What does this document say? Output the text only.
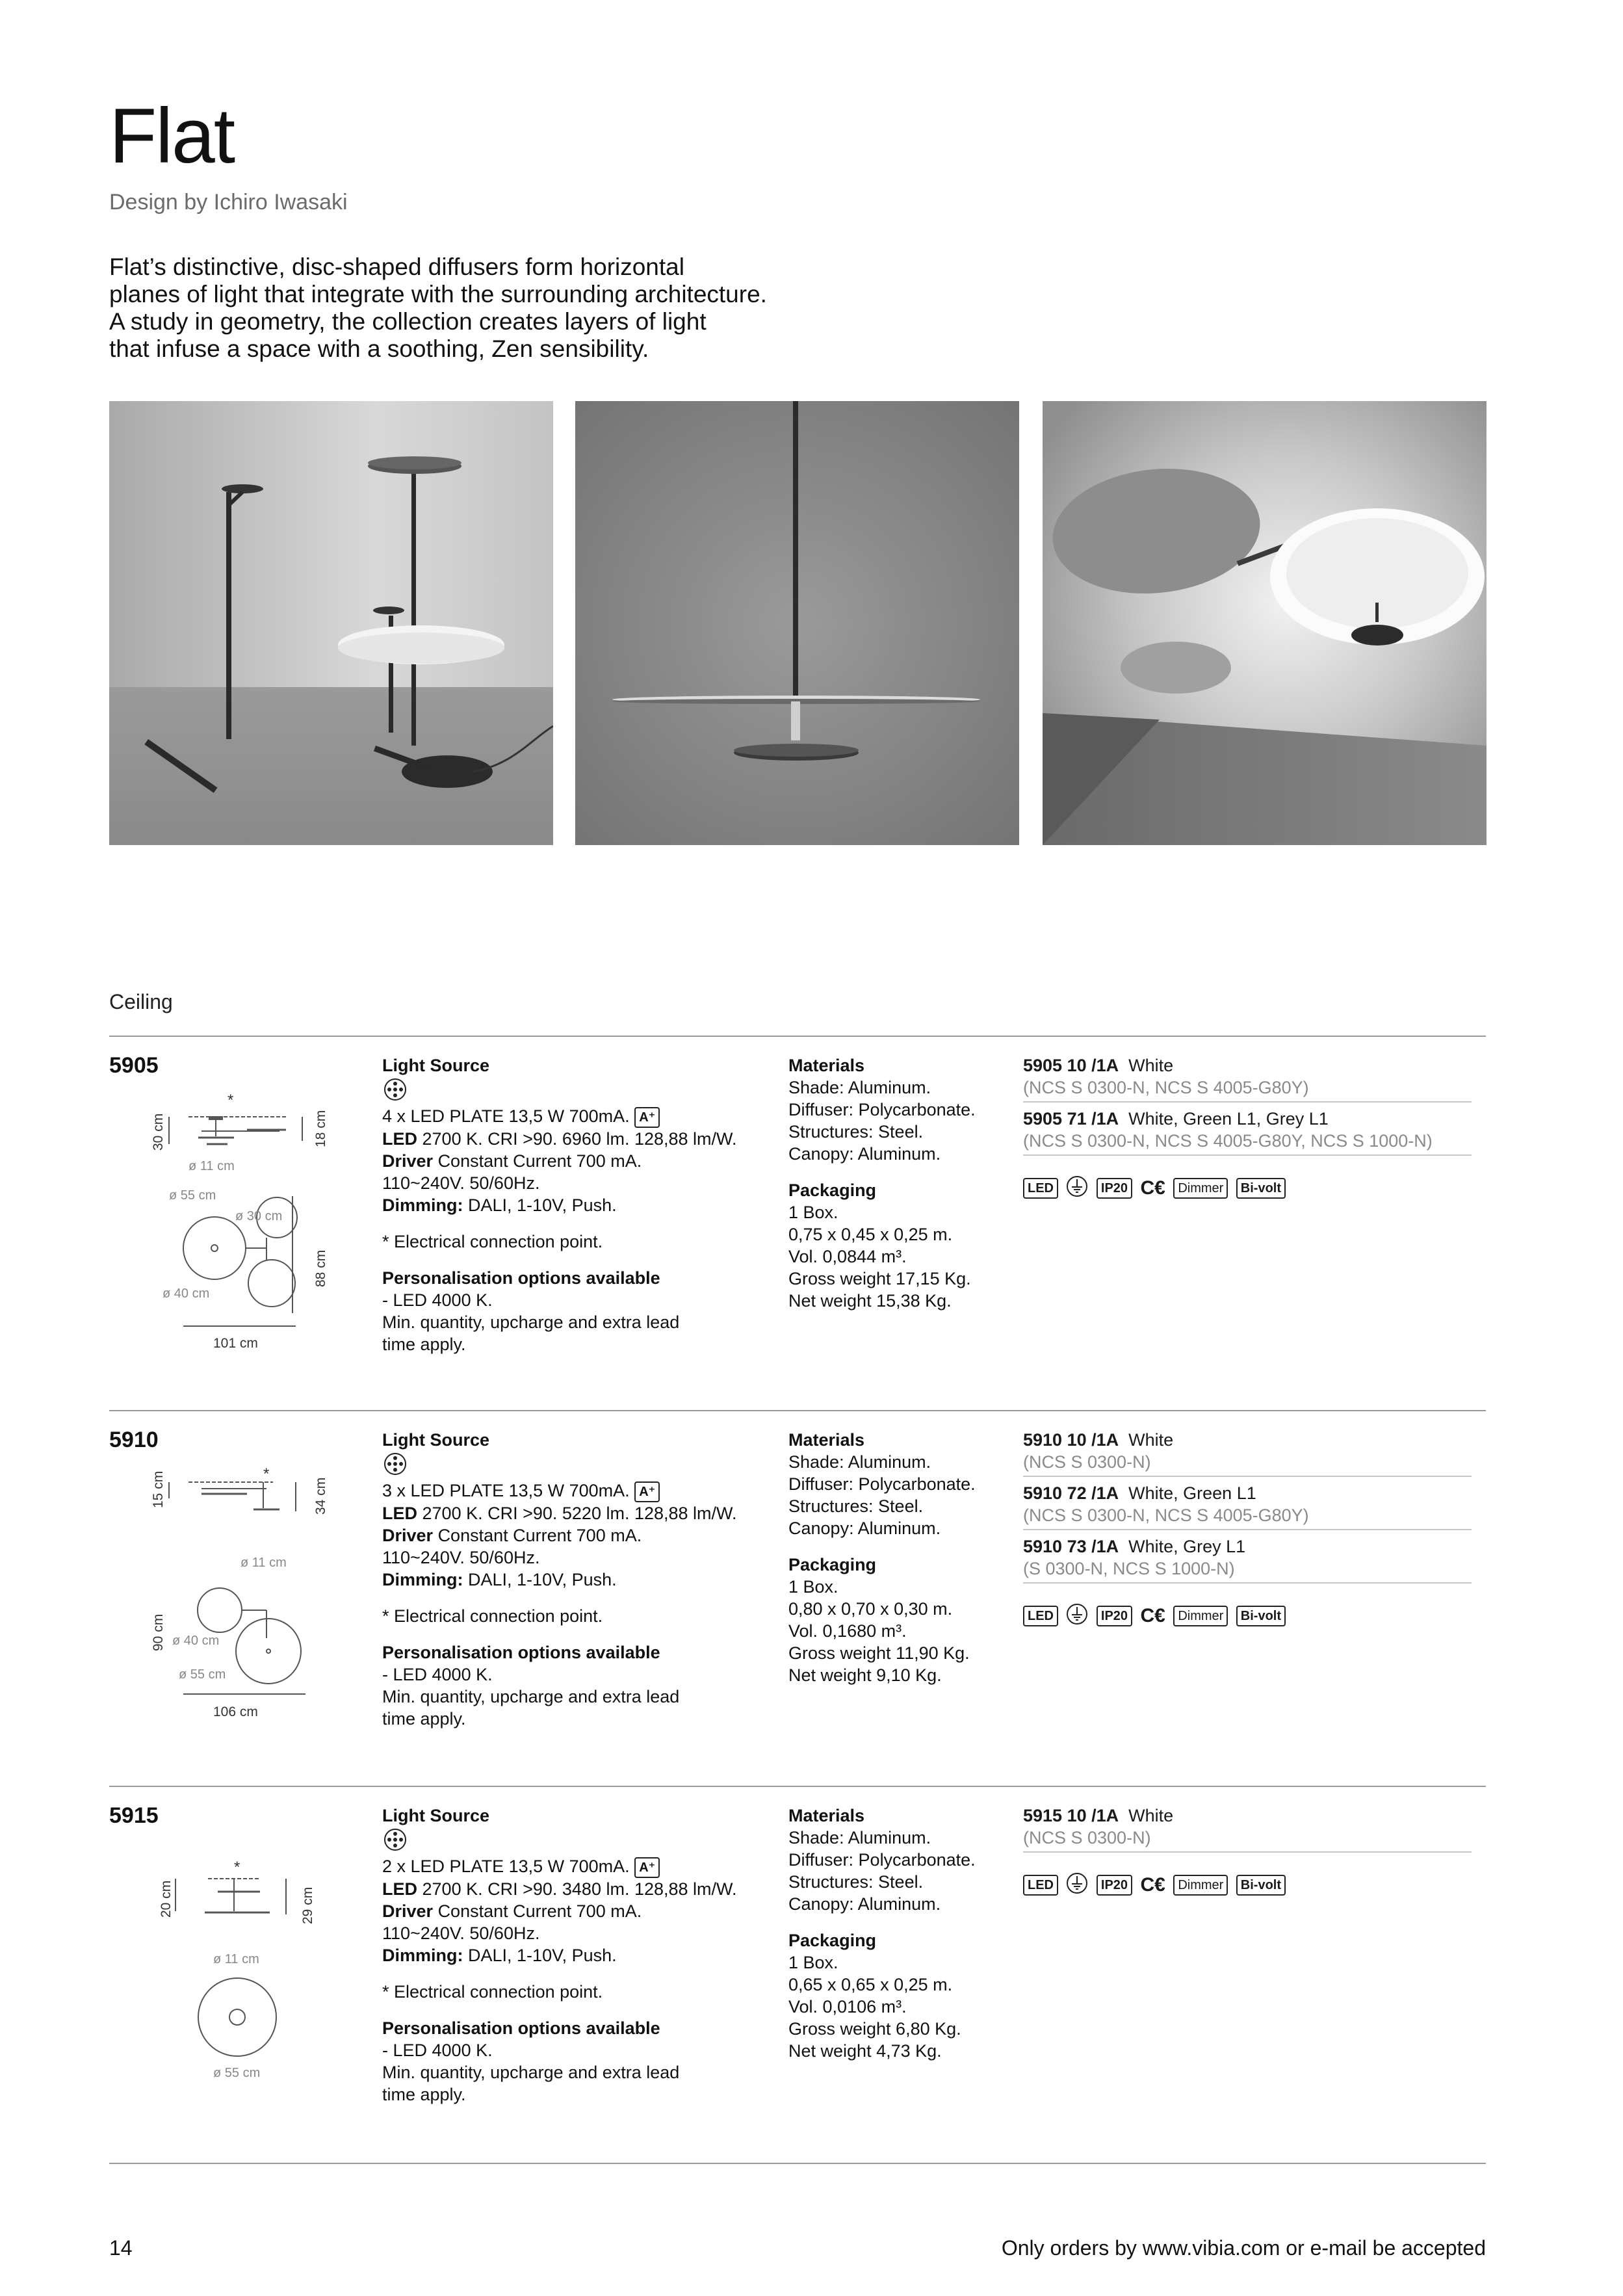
Flat
Design by Ichiro Iwasaki
Flat’s distinctive, disc-shaped diffusers form horizontal
planes of light that integrate with the surrounding architecture.
A study in geometry, the collection creates layers of light
that infuse a space with a soothing, Zen sensibility.
Ceiling
5905
*
30 cm	18 cm
ø 11 cm
ø 55 cm
ø 30 cm
ø 40 cm
88 cm
101 cm

Light Source

4 x LED PLATE 13,5 W 700mA. A⁺

LED 2700 K. CRI >90. 6960 lm. 128,88 lm/W.

Driver Constant Current 700 mA.

110~240V. 50/60Hz.

Dimming: DALI, 1-10V, Push.

* Electrical connection point.

Personalisation options available

- LED 4000 K.

Min. quantity, upcharge and extra lead

time apply.

Materials

Shade: Aluminum.

Diffuser: Polycarbonate.

Structures: Steel.

Canopy: Aluminum.

Packaging

1 Box.

0,75 x 0,45 x 0,25 m.

Vol. 0,0844 m³.

Gross weight 17,15 Kg.

Net weight 15,38 Kg.

5905 10 /1A White
(NCS S 0300-N, NCS S 4005-G80Y)
5905 71 /1A White, Green L1, Grey L1
(NCS S 0300-N, NCS S 4005-G80Y, NCS S 1000-N)
LED	IP20 C€ Dimmer Bi-volt
5910
*
15 cm	34 cm
ø 11 cm
90 cm ø 40 cm
ø 55 cm
106 cm

Light Source

3 x LED PLATE 13,5 W 700mA. A⁺

LED 2700 K. CRI >90. 5220 lm. 128,88 lm/W.

Driver Constant Current 700 mA.

110~240V. 50/60Hz.

Dimming: DALI, 1-10V, Push.

* Electrical connection point.

Personalisation options available

- LED 4000 K.

Min. quantity, upcharge and extra lead

time apply.

Materials

Shade: Aluminum.

Diffuser: Polycarbonate.

Structures: Steel.

Canopy: Aluminum.

Packaging

1 Box.

0,80 x 0,70 x 0,30 m.

Vol. 0,1680 m³.

Gross weight 11,90 Kg.

Net weight 9,10 Kg.

5910 10 /1A White
(NCS S 0300-N)
5910 72 /1A White, Green L1
(NCS S 0300-N, NCS S 4005-G80Y)
5910 73 /1A White, Grey L1
(S 0300-N, NCS S 1000-N)
LED	IP20 C€ Dimmer Bi-volt
5915
*
20 cm	29 cm
ø 11 cm
ø 55 cm

Light Source

2 x LED PLATE 13,5 W 700mA. A⁺

LED 2700 K. CRI >90. 3480 lm. 128,88 lm/W.

Driver Constant Current 700 mA.

110~240V. 50/60Hz.

Dimming: DALI, 1-10V, Push.

* Electrical connection point.

Personalisation options available

- LED 4000 K.

Min. quantity, upcharge and extra lead

time apply.

Materials

Shade: Aluminum.

Diffuser: Polycarbonate.

Structures: Steel.

Canopy: Aluminum.

Packaging

1 Box.

0,65 x 0,65 x 0,25 m.

Vol. 0,0106 m³.

Gross weight 6,80 Kg.

Net weight 4,73 Kg.

5915 10 /1A White
(NCS S 0300-N)
LED	IP20 C€ Dimmer Bi-volt
14	Only orders by www.vibia.com or e-mail be accepted
